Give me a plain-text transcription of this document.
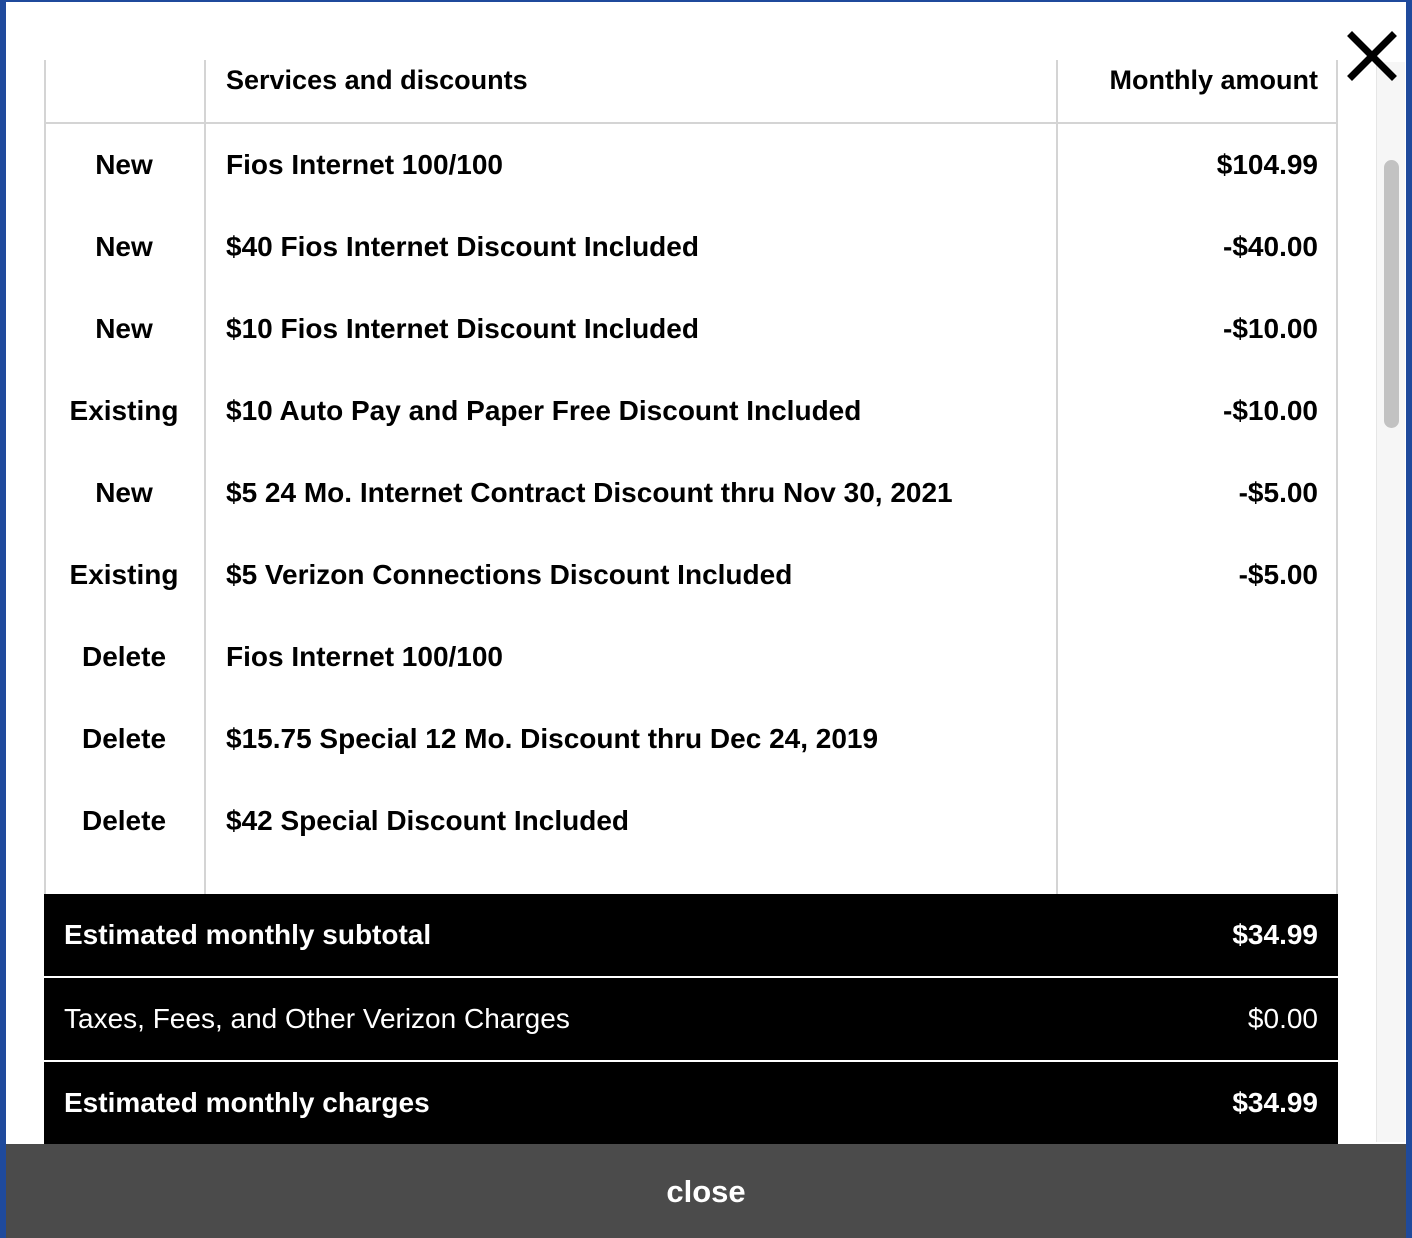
Services and discounts	Monthly amount
New	Fios Internet 100/100	$104.99
New	$40 Fios Internet Discount Included	-$40.00
New	$10 Fios Internet Discount Included	-$10.00
Existing	$10 Auto Pay and Paper Free Discount Included	-$10.00
New	$5 24 Mo. Internet Contract Discount thru Nov 30, 2021	-$5.00
Existing	$5 Verizon Connections Discount Included	-$5.00
Delete	Fios Internet 100/100
Delete	$15.75 Special 12 Mo. Discount thru Dec 24, 2019
Delete	$42 Special Discount Included
Estimated monthly subtotal	$34.99
Taxes, Fees, and Other Verizon Charges	$0.00
Estimated monthly charges	$34.99
close
